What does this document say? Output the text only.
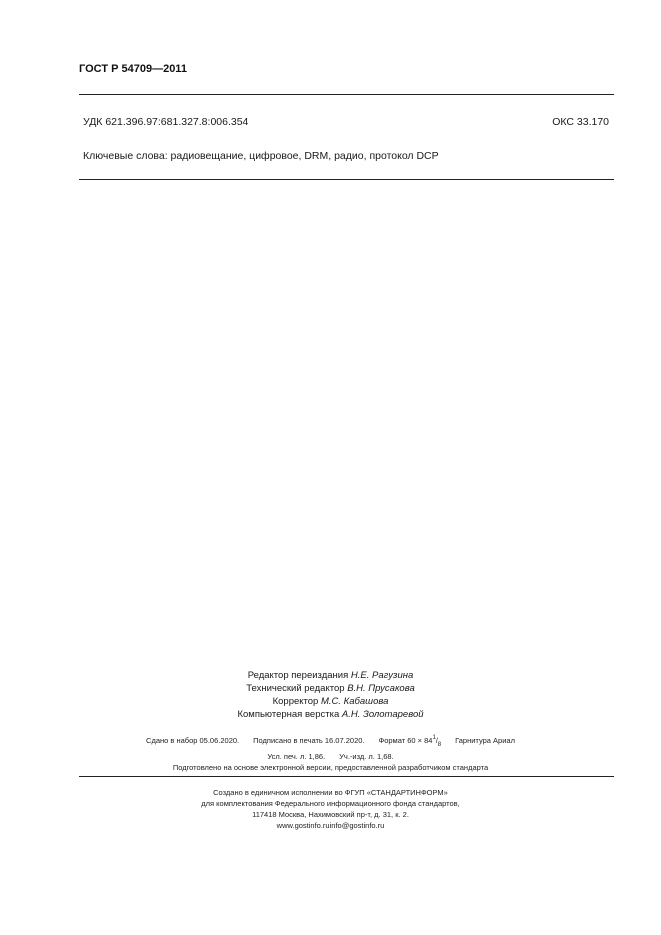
ГОСТ Р 54709—2011
УДК 621.396.97:681.327.8:006.354	ОКС 33.170
Ключевые слова: радиовещание, цифровое, DRM, радио, протокол DCP
Редактор переиздания Н.Е. Рагузина
Технический редактор В.Н. Прусакова
Корректор М.С. Кабашова
Компьютерная верстка А.Н. Золотаревой
Сдано в набор 05.06.2020. Подписано в печать 16.07.2020. Формат $60 \times 84^1/_8$ Гарнитура Ариал
Усл. печ. л. 1,86. Уч.-изд. л. 1,68.
Подготовлено на основе электронной версии, предоставленной разработчиком стандарта
Создано в единичном исполнении во ФГУП «СТАНДАРТИНФОРМ»
для комплектования Федерального информационного фонда стандартов,
117418 Москва, Нахимовский пр-т, д. 31, к. 2.
www.gostinfo.ruinfo@gostinfo.ru
